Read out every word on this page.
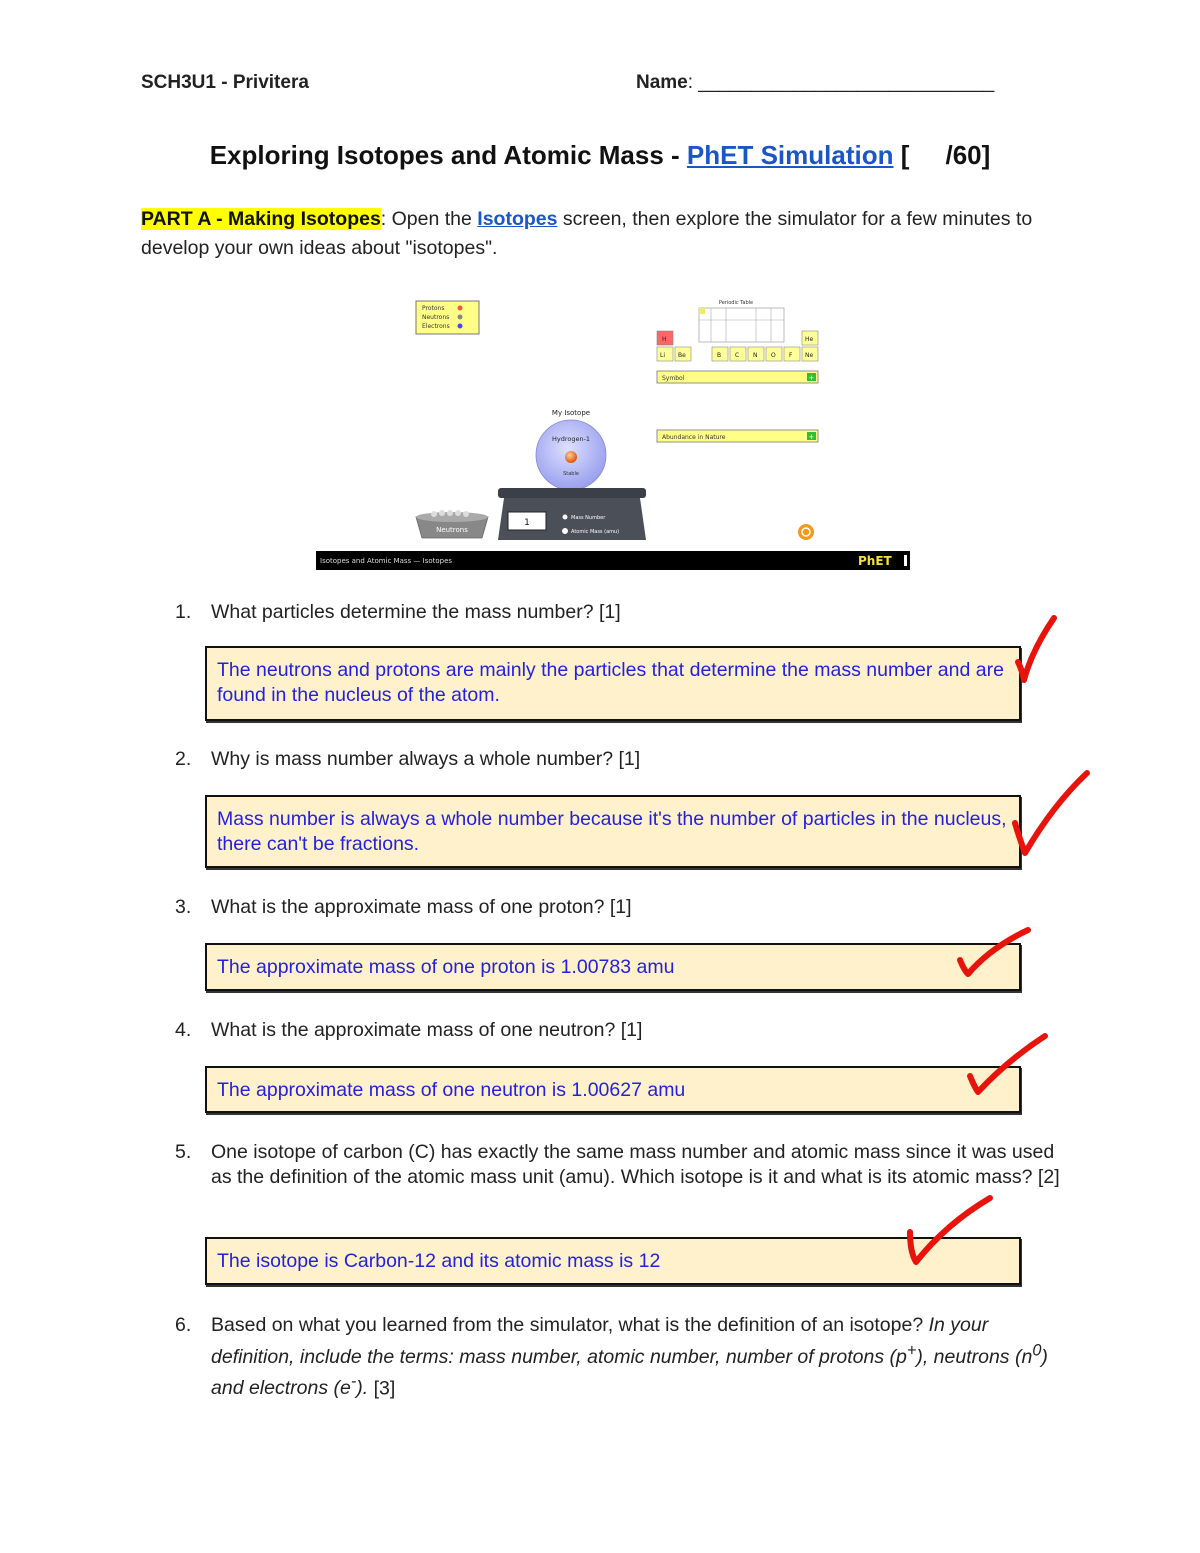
SCH3U1 - Privitera	Name: ____________________________
Exploring Isotopes and Atomic Mass - PhET Simulation [     /60]
PART A - Making Isotopes: Open the Isotopes screen, then explore the simulator for a few minutes to develop your own ideas about "isotopes".
Protons
Neutrons
Electrons
Periodic Table
H	He
Li Be	B C N O F Ne
Symbol	+
Abundance in Nature	+
My Isotope
Hydrogen-1
Stable
1	Mass Number
Atomic Mass (amu)
Neutrons
Isotopes and Atomic Mass — Isotopes	PhET
1. What particles determine the mass number? [1]
The neutrons and protons are mainly the particles that determine the mass number and are found in the nucleus of the atom.
2. Why is mass number always a whole number? [1]
Mass number is always a whole number because it's the number of particles in the nucleus, there can't be fractions.
3. What is the approximate mass of one proton? [1]
The approximate mass of one proton is 1.00783 amu
4. What is the approximate mass of one neutron? [1]
The approximate mass of one neutron is 1.00627 amu
5. One isotope of carbon (C) has exactly the same mass number and atomic mass since it was used as the definition of the atomic mass unit (amu). Which isotope is it and what is its atomic mass? [2]
The isotope is Carbon-12 and its atomic mass is 12
6. Based on what you learned from the simulator, what is the definition of an isotope? In your definition, include the terms: mass number, atomic number, number of protons (p+), neutrons $(n^0)$ and electrons (e-). [3]
